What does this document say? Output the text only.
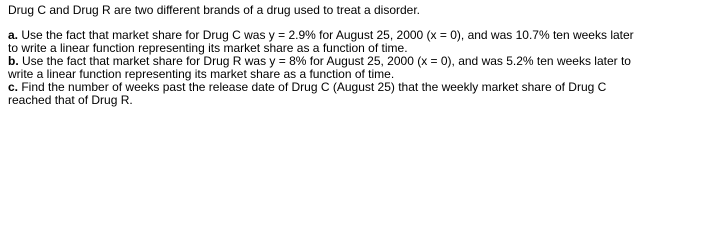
Drug C and Drug R are two different brands of a drug used to treat a disorder.

a. Use the fact that market share for Drug C was y = 2.9% for August 25, 2000 (x = 0), and was 10.7% ten weeks later

to write a linear function representing its market share as a function of time.

b. Use the fact that market share for Drug R was y = 8% for August 25, 2000 (x = 0), and was 5.2% ten weeks later to

write a linear function representing its market share as a function of time.

c. Find the number of weeks past the release date of Drug C (August 25) that the weekly market share of Drug C

reached that of Drug R.
